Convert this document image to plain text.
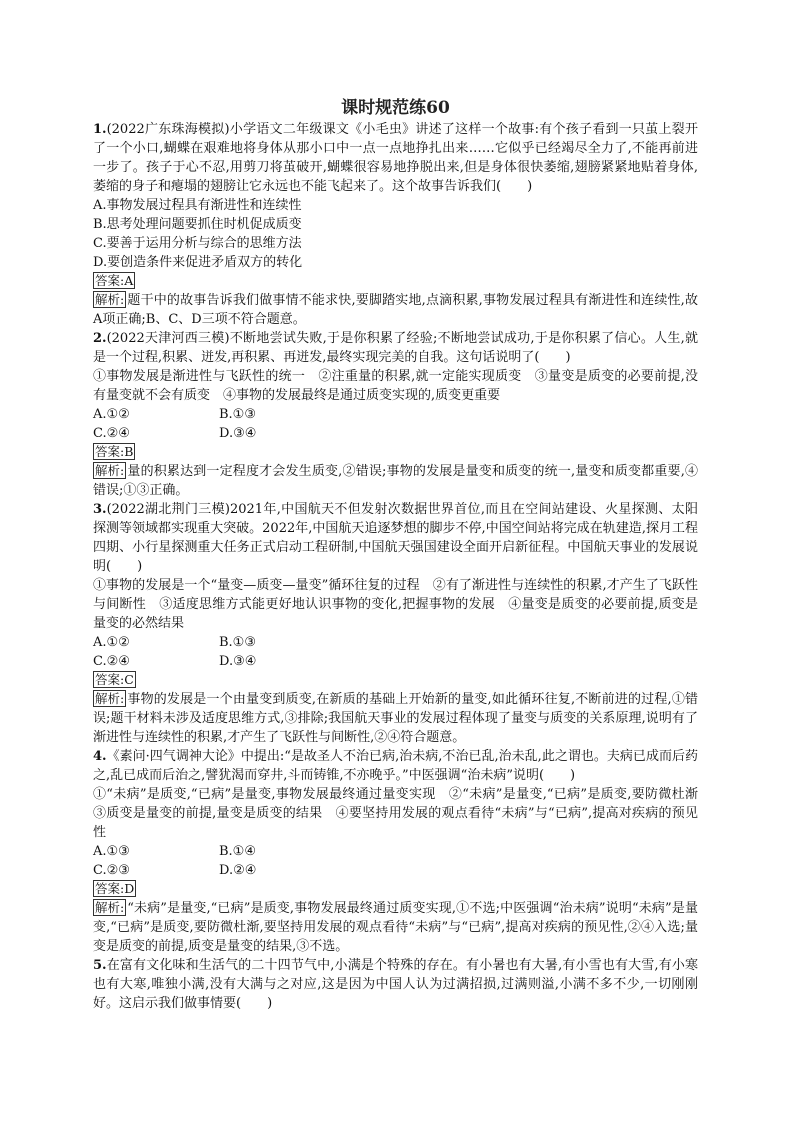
课时规范练60

1.(2022广东珠海模拟)小学语文二年级课文《小毛虫》讲述了这样一个故事:有个孩子看到一只茧上裂开了一个小口,蝴蝶在艰难地将身体从那小口中一点一点地挣扎出来……它似乎已经竭尽全力了,不能再前进一步了。孩子于心不忍,用剪刀将茧破开,蝴蝶很容易地挣脱出来,但是身体很快萎缩,翅膀紧紧地贴着身体,萎缩的身子和瘪塌的翅膀让它永远也不能飞起来了。这个故事告诉我们(　　)

A.事物发展过程具有渐进性和连续性

B.思考处理问题要抓住时机促成质变

C.要善于运用分析与综合的思维方法

D.要创造条件来促进矛盾双方的转化

答案:A

解析: 题干中的故事告诉我们做事情不能求快,要脚踏实地,点滴积累,事物发展过程具有渐进性和连续性,故A项正确;B、C、D三项不符合题意。

2.(2022天津河西三模)不断地尝试失败,于是你积累了经验;不断地尝试成功,于是你积累了信心。人生,就是一个过程,积累、迸发,再积累、再迸发,最终实现完美的自我。这句话说明了(　　)

①事物发展是渐进性与飞跃性的统一　②注重量的积累,就一定能实现质变　③量变是质变的必要前提,没有量变就不会有质变　④事物的发展最终是通过质变实现的,质变更重要

A.①②	B.①③
C.②④	D.③④

答案:B

解析: 量的积累达到一定程度才会发生质变,②错误;事物的发展是量变和质变的统一,量变和质变都重要,④错误;①③正确。

3.(2022湖北荆门三模)2021年,中国航天不但发射次数据世界首位,而且在空间站建设、火星探测、太阳探测等领域都实现重大突破。2022年,中国航天追逐梦想的脚步不停,中国空间站将完成在轨建造,探月工程四期、小行星探测重大任务正式启动工程研制,中国航天强国建设全面开启新征程。中国航天事业的发展说明(　　)

①事物的发展是一个“量变—质变—量变”循环往复的过程　②有了渐进性与连续性的积累,才产生了飞跃性与间断性　③适度思维方式能更好地认识事物的变化,把握事物的发展　④量变是质变的必要前提,质变是量变的必然结果

A.①②	B.①③
C.②④	D.③④

答案:C

解析: 事物的发展是一个由量变到质变,在新质的基础上开始新的量变,如此循环往复,不断前进的过程,①错误;题干材料未涉及适度思维方式,③排除;我国航天事业的发展过程体现了量变与质变的关系原理,说明有了渐进性与连续性的积累,才产生了飞跃性与间断性,②④符合题意。

4.《素问·四气调神大论》中提出:“是故圣人不治已病,治未病,不治已乱,治未乱,此之谓也。夫病已成而后药之,乱已成而后治之,譬犹渴而穿井,斗而铸锥,不亦晚乎。”中医强调“治未病”说明(　　)

①“未病”是质变,“已病”是量变,事物发展最终通过量变实现　②“未病”是量变,“已病”是质变,要防微杜渐　③质变是量变的前提,量变是质变的结果　④要坚持用发展的观点看待“未病”与“已病”,提高对疾病的预见性

A.①③	B.①④
C.②③	D.②④

答案:D

解析: “未病”是量变,“已病”是质变,事物发展最终通过质变实现,①不选;中医强调“治未病”说明“未病”是量变,“已病”是质变,要防微杜渐,要坚持用发展的观点看待“未病”与“已病”,提高对疾病的预见性,②④入选;量变是质变的前提,质变是量变的结果,③不选。

5.在富有文化味和生活气的二十四节气中,小满是个特殊的存在。有小暑也有大暑,有小雪也有大雪,有小寒也有大寒,唯独小满,没有大满与之对应,这是因为中国人认为过满招损,过满则溢,小满不多不少,一切刚刚好。这启示我们做事情要(　　)
